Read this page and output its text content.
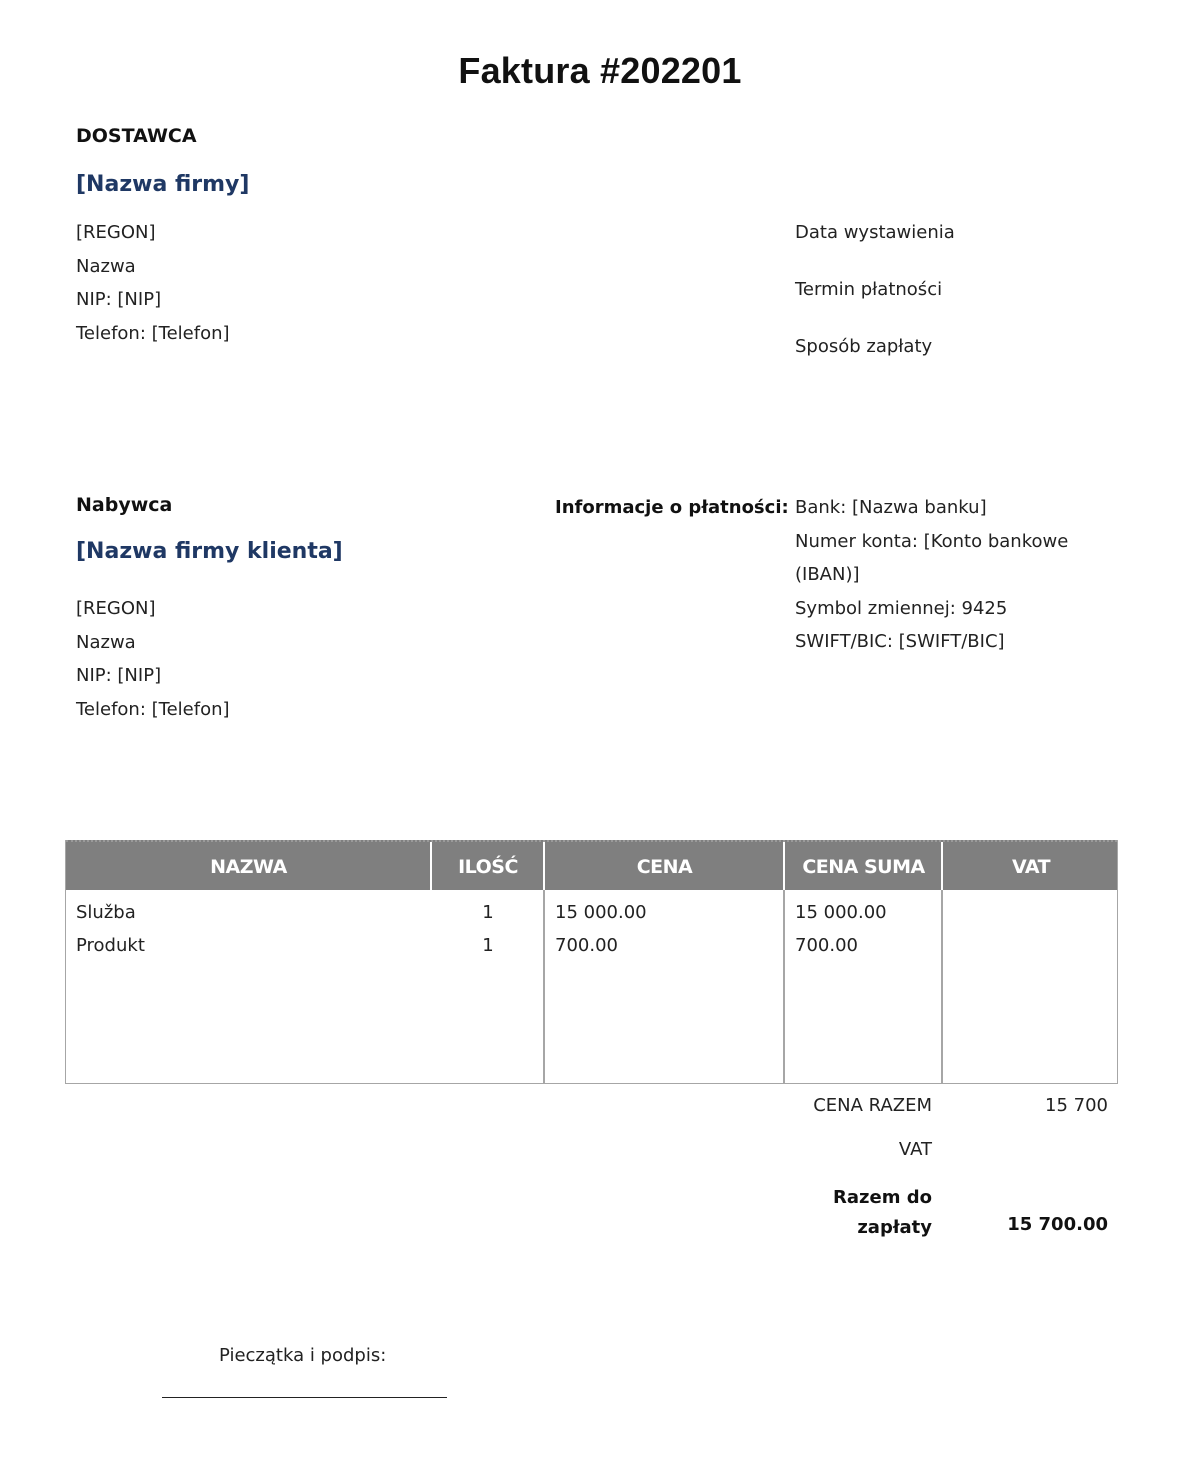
Faktura #202201
DOSTAWCA
[Nazwa firmy]
[REGON]
Nazwa
NIP: [NIP]
Telefon: [Telefon]
Data wystawienia
Termin płatności
Sposób zapłaty
Nabywca
[Nazwa firmy klienta]
[REGON]
Nazwa
NIP: [NIP]
Telefon: [Telefon]
Informacje o płatności: Bank: [Nazwa banku]
Numer konta: [Konto bankowe
(IBAN)]
Symbol zmiennej: 9425
SWIFT/BIC: [SWIFT/BIC]
NAZWA	ILOŚĆ	CENA	CENA SUMA	VAT
Služba	1	15 000.00	15 000.00
Produkt	1	700.00	700.00
CENA RAZEM	15 700
VAT
Razem do
zapłaty	15 700.00
Pieczątka i podpis:
